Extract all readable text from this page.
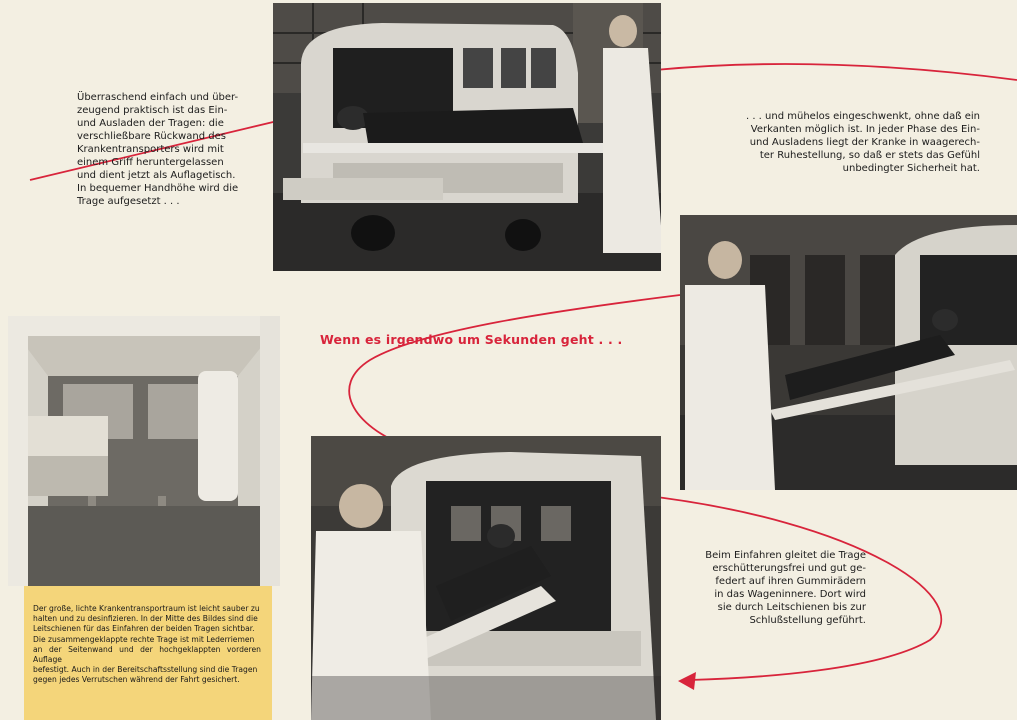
Überraschend einfach und über-
zeugend praktisch ist das Ein-
und Ausladen der Tragen: die
verschließbare Rückwand des
Krankentransporters wird mit
einem Griff heruntergelassen
und dient jetzt als Auflagetisch.
In bequemer Handhöhe wird die
Trage aufgesetzt . . .
. . . und mühelos eingeschwenkt, ohne daß ein
Verkanten möglich ist. In jeder Phase des Ein-
und Ausladens liegt der Kranke in waagerech-
ter Ruhestellung, so daß er stets das Gefühl
unbedingter Sicherheit hat.
Wenn es irgendwo um Sekunden geht . . .
Beim Einfahren gleitet die Trage
erschütterungsfrei und gut ge-
federt auf ihren Gummirädern
in das Wageninnere. Dort wird
sie durch Leitschienen bis zur
Schlußstellung geführt.
Der große, lichte Krankentransportraum ist leicht sauber zu
halten und zu desinfizieren. In der Mitte des Bildes sind die
Leitschienen für das Einfahren der beiden Tragen sichtbar.
Die zusammengeklappte rechte Trage ist mit Lederriemen
an der Seitenwand und der hochgeklappten vorderen Auflage
befestigt. Auch in der Bereitschaftsstellung sind die Tragen
gegen jedes Verrutschen während der Fahrt gesichert.
